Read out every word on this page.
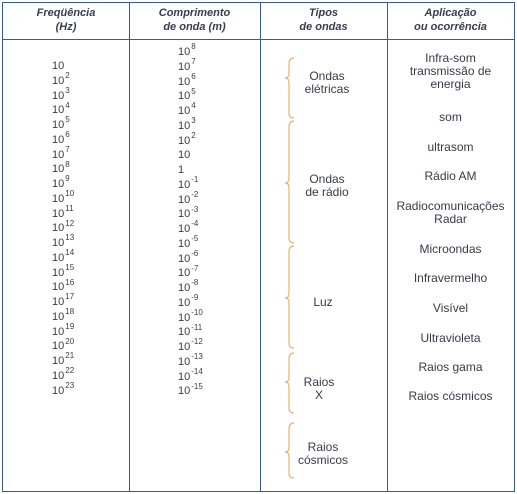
Freqüência
(Hz)
Comprimento
de onda (m)
Tipos
de ondas
Aplicação
ou ocorrência
10
$10^2$
$10^3$
$10^4$
$10^5$
$10^6$
$10^7$
$10^8$
$10^9$
$10^{10}$
$10^{11}$
$10^{12}$
$10^{13}$
$10^{14}$
$10^{15}$
$10^{16}$
$10^{17}$
$10^{18}$
$10^{19}$
$10^{20}$
$10^{21}$
$10^{22}$
$10^{23}$
$10^8$
$10^7$
$10^6$
$10^5$
$10^4$
$10^3$
$10^2$
10
1
$10^{-1}$
$10^{-2}$
$10^{-3}$
$10^{-4}$
$10^{-5}$
$10^{-6}$
$10^{-7}$
$10^{-8}$
$10^{-9}$
$10^{-10}$
$10^{-11}$
$10^{-12}$
$10^{-13}$
$10^{-14}$
$10^{-15}$
Ondas
elétricas
Ondas
de rádio
Luz
Raios
X
Raios
cósmicos
Infra-som
transmissão de
energia
som
ultrasom
Rádio AM
Radiocomunicações
Radar
Microondas
Infravermelho
Visível
Ultravioleta
Raios gama
Raios cósmicos
